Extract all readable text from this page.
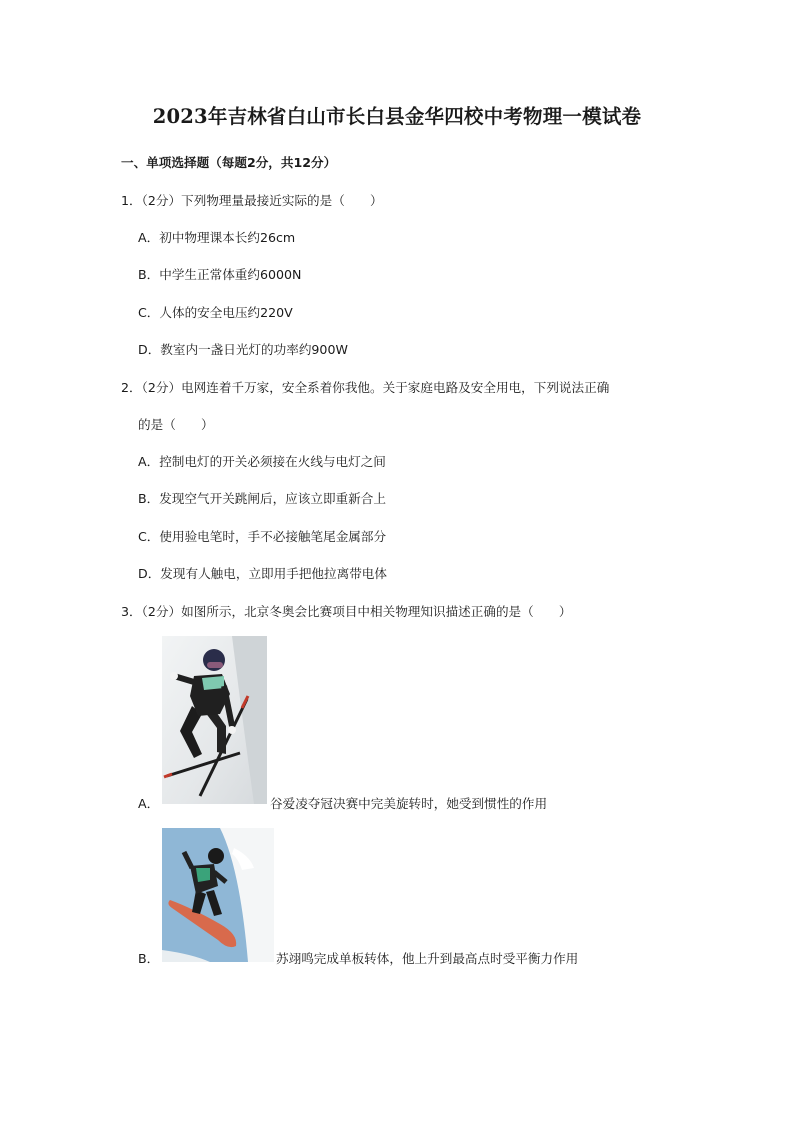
2023年吉林省白山市长白县金华四校中考物理一模试卷
一、单项选择题（每题2分，共12分）
1．（2分）下列物理量最接近实际的是（　　）
A．初中物理课本长约26cm
B．中学生正常体重约6000N
C．人体的安全电压约220V
D．教室内一盏日光灯的功率约900W
2．（2分）电网连着千万家，安全系着你我他。关于家庭电路及安全用电，下列说法正确
的是（　　）
A．控制电灯的开关必须接在火线与电灯之间
B．发现空气开关跳闸后，应该立即重新合上
C．使用验电笔时，手不必接触笔尾金属部分
D．发现有人触电，立即用手把他拉离带电体
3．（2分）如图所示，北京冬奥会比赛项目中相关物理知识描述正确的是（　　）
A．	谷爱凌夺冠决赛中完美旋转时，她受到惯性的作用
B．	苏翊鸣完成单板转体，他上升到最高点时受平衡力作用
